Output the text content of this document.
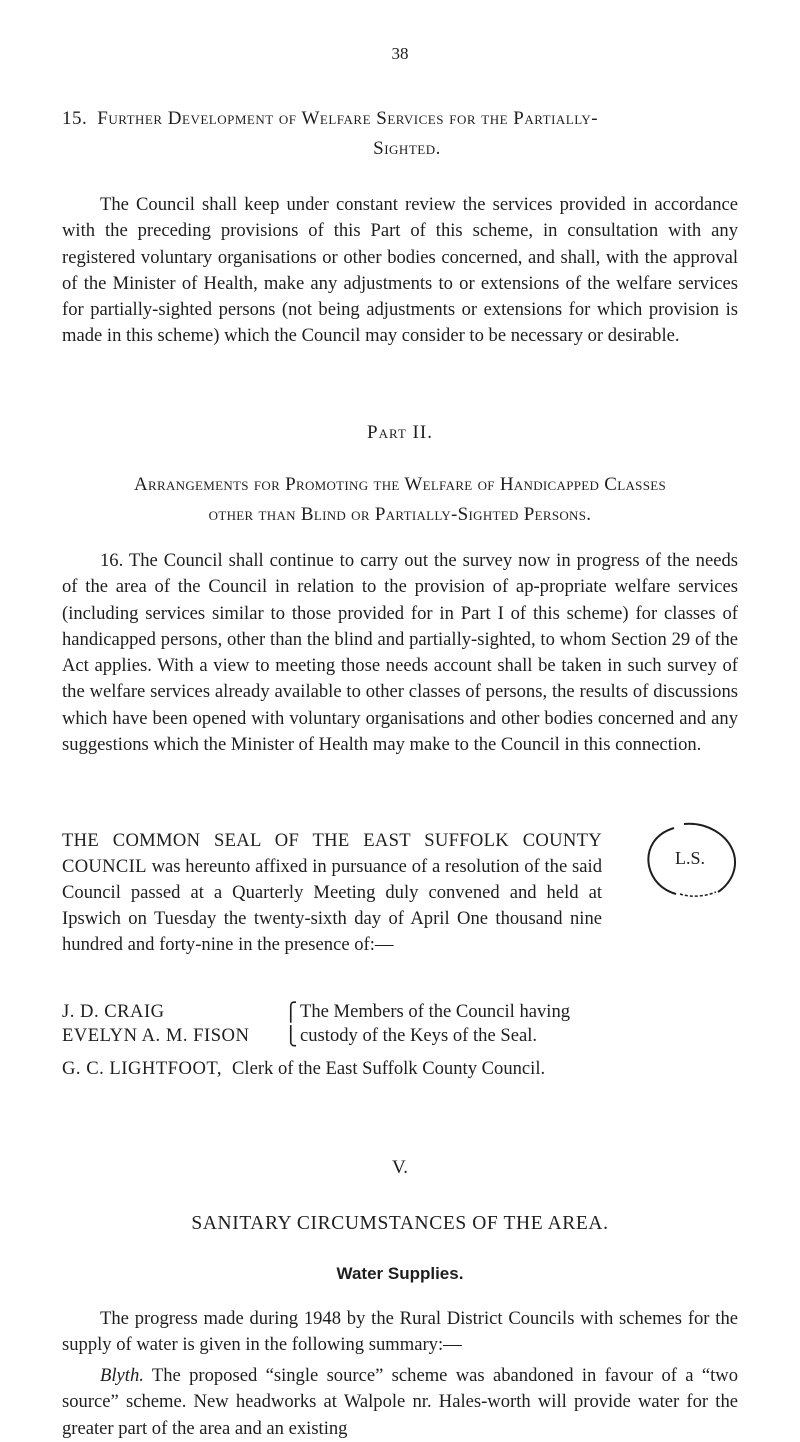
38
15. Further Development of Welfare Services for the Partially-
Sighted.

The Council shall keep under constant review the services provided in accordance with the preceding provisions of this Part of this scheme, in consultation with any registered voluntary organisations or other bodies concerned, and shall, with the approval of the Minister of Health, make any adjustments to or extensions of the welfare services for partially-sighted persons (not being adjustments or extensions for which provision is made in this scheme) which the Council may consider to be necessary or desirable.

Part II.
Arrangements for Promoting the Welfare of Handicapped Classes
other than Blind or Partially-Sighted Persons.

16. The Council shall continue to carry out the survey now in progress of the needs of the area of the Council in relation to the provision of ap-propriate welfare services (including services similar to those provided for in Part I of this scheme) for classes of handicapped persons, other than the blind and partially-sighted, to whom Section 29 of the Act applies. With a view to meeting those needs account shall be taken in such survey of the welfare services already available to other classes of persons, the results of discussions which have been opened with voluntary organisations and other bodies concerned and any suggestions which the Minister of Health may make to the Council in this connection.

THE COMMON SEAL OF THE EAST SUFFOLK COUNTY COUNCIL was hereunto affixed in pursuance of a resolution of the said Council passed at a Quarterly Meeting duly convened and held at Ipswich on Tuesday the twenty-sixth day of April One thousand nine hundred and forty-nine in the presence of:—

L.S.
J. D. CRAIG	⎧ The Members of the Council having
EVELYN A. M. FISON ⎩ custody of the Keys of the Seal.
G. C. LIGHTFOOT, Clerk of the East Suffolk County Council.
V.
SANITARY CIRCUMSTANCES OF THE AREA.
Water Supplies.

The progress made during 1948 by the Rural District Councils with schemes for the supply of water is given in the following summary:—

Blyth. The proposed “single source” scheme was abandoned in favour of a “two source” scheme. New headworks at Walpole nr. Hales-worth will provide water for the greater part of the area and an existing
